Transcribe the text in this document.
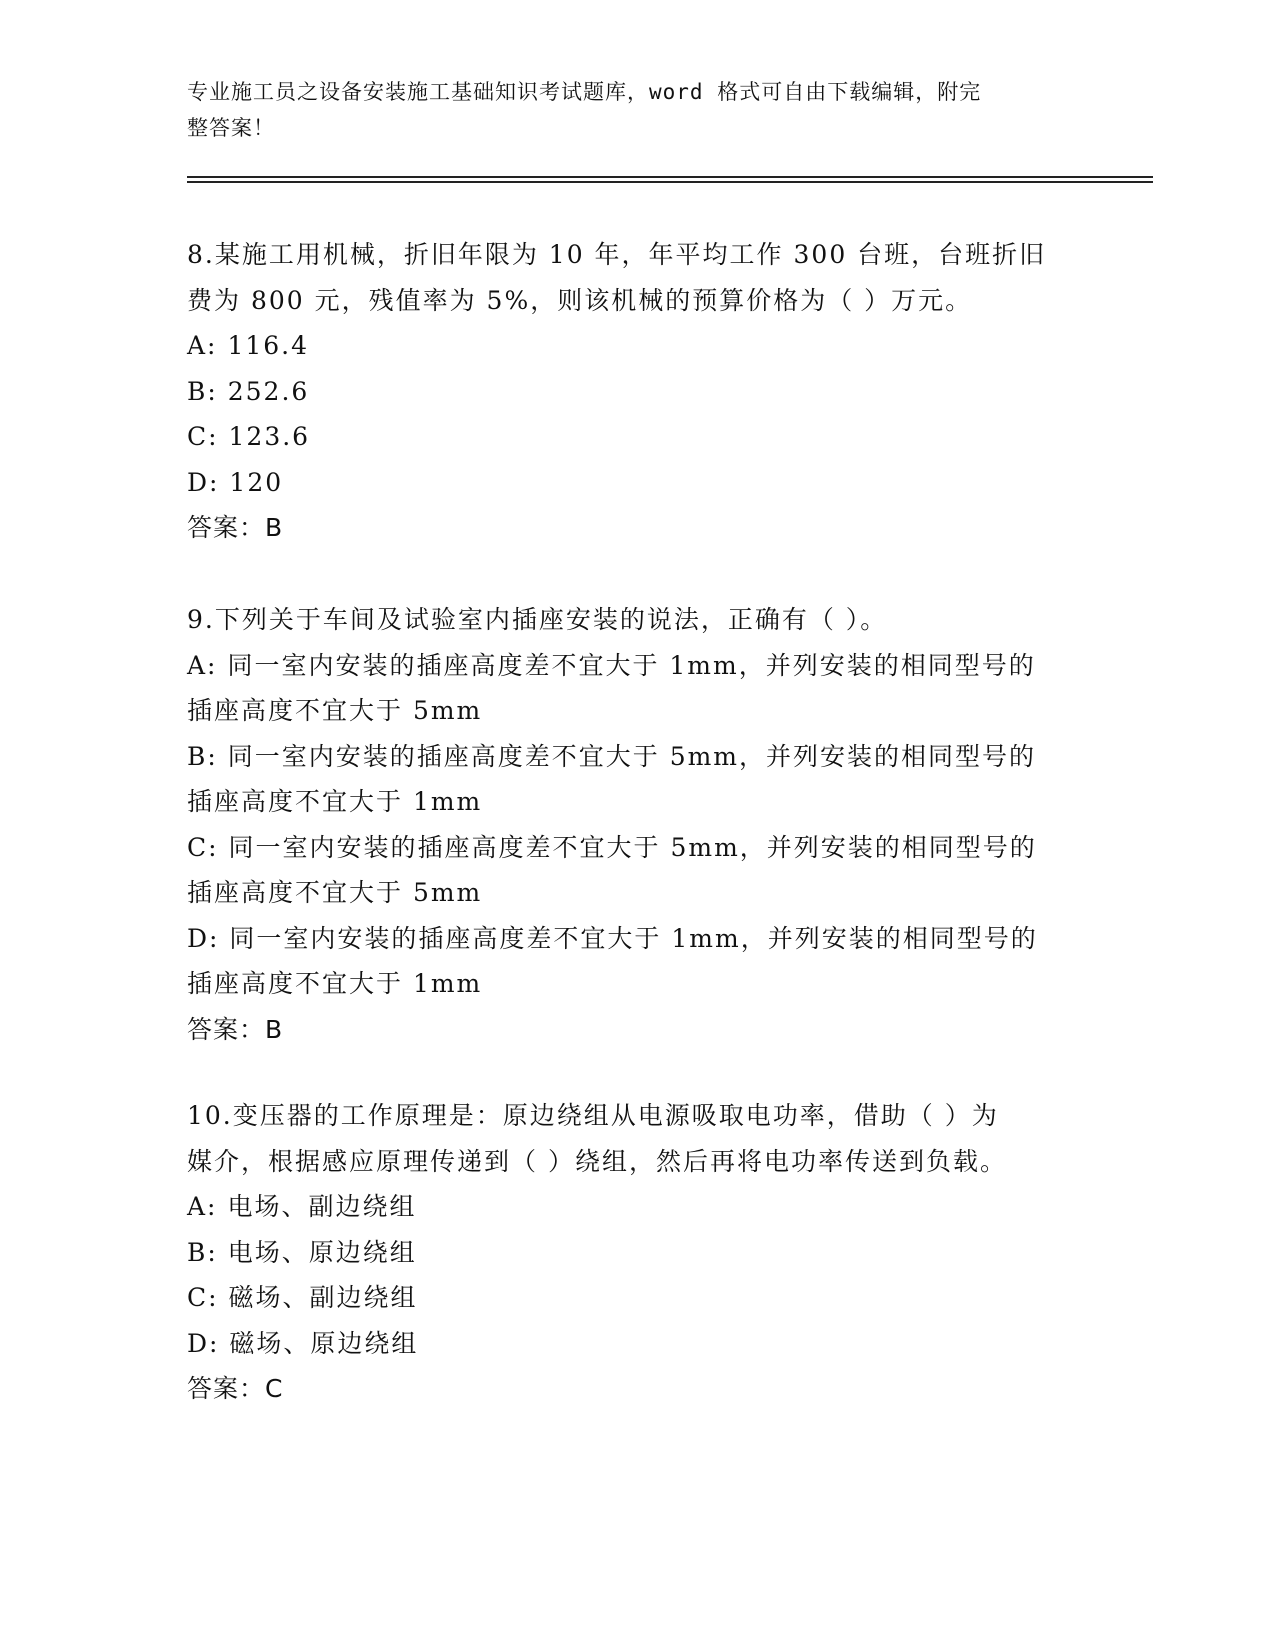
专业施工员之设备安装施工基础知识考试题库，word 格式可自由下载编辑，附完
整答案！
8.某施工用机械，折旧年限为 10 年，年平均工作 300 台班，台班折旧
费为 800 元，残值率为 5%，则该机械的预算价格为（ ）万元。
A: 116.4
B: 252.6
C: 123.6
D: 120
答案：B
9.下列关于车间及试验室内插座安装的说法，正确有（ ）。
A: 同一室内安装的插座高度差不宜大于 1mm，并列安装的相同型号的
插座高度不宜大于 5mm
B: 同一室内安装的插座高度差不宜大于 5mm，并列安装的相同型号的
插座高度不宜大于 1mm
C: 同一室内安装的插座高度差不宜大于 5mm，并列安装的相同型号的
插座高度不宜大于 5mm
D: 同一室内安装的插座高度差不宜大于 1mm，并列安装的相同型号的
插座高度不宜大于 1mm
答案：B
10.变压器的工作原理是：原边绕组从电源吸取电功率，借助（ ）为
媒介，根据感应原理传递到（ ）绕组，然后再将电功率传送到负载。
A: 电场、副边绕组
B: 电场、原边绕组
C: 磁场、副边绕组
D: 磁场、原边绕组
答案：C
